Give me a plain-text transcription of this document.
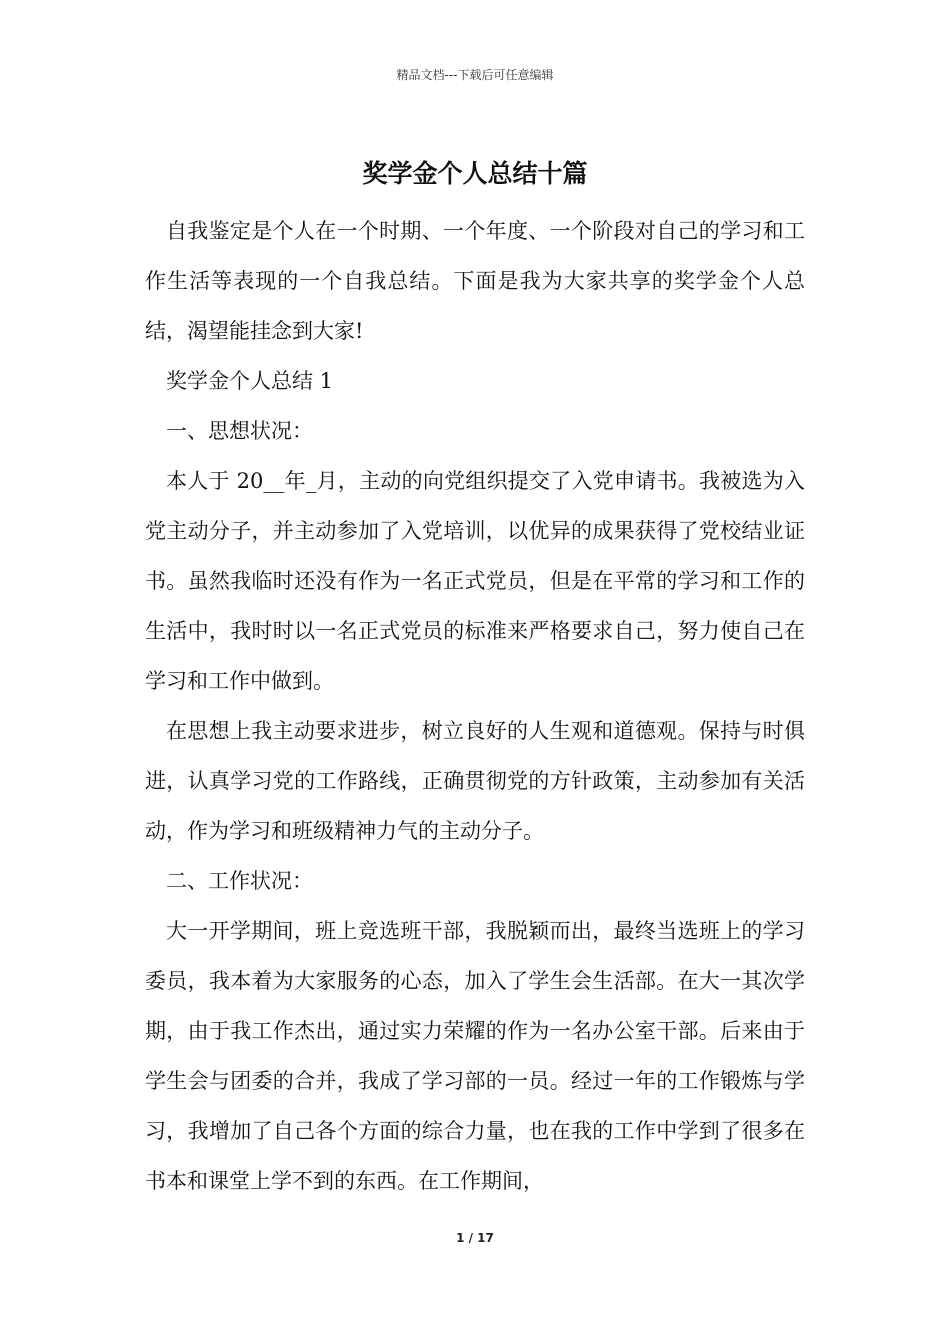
精品文档---下载后可任意编辑
奖学金个人总结十篇

自我鉴定是个人在一个时期、一个年度、一个阶段对自己的学习和工作生活等表现的一个自我总结。下面是我为大家共享的奖学金个人总结，渴望能挂念到大家!

奖学金个人总结 1

一、思想状况：

本人于 20__年_月，主动的向党组织提交了入党申请书。我被选为入党主动分子，并主动参加了入党培训，以优异的成果获得了党校结业证书。虽然我临时还没有作为一名正式党员，但是在平常的学习和工作的生活中，我时时以一名正式党员的标准来严格要求自己，努力使自己在学习和工作中做到。

在思想上我主动要求进步，树立良好的人生观和道德观。保持与时俱进，认真学习党的工作路线，正确贯彻党的方针政策，主动参加有关活动，作为学习和班级精神力气的主动分子。

二、工作状况：

大一开学期间，班上竞选班干部，我脱颖而出，最终当选班上的学习委员，我本着为大家服务的心态，加入了学生会生活部。在大一其次学期，由于我工作杰出，通过实力荣耀的作为一名办公室干部。后来由于学生会与团委的合并，我成了学习部的一员。经过一年的工作锻炼与学习，我增加了自己各个方面的综合力量，也在我的工作中学到了很多在书本和课堂上学不到的东西。在工作期间，

1 / 17
